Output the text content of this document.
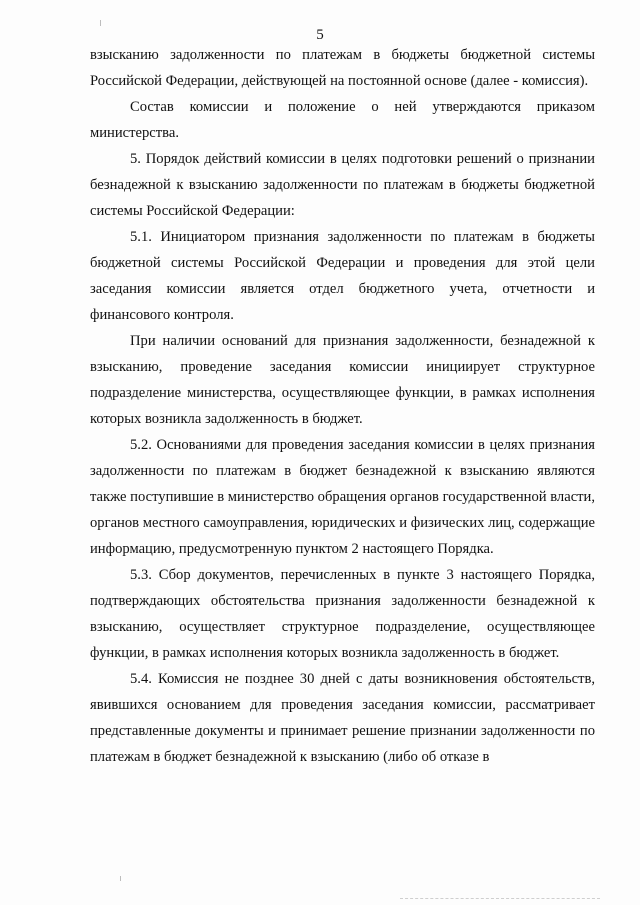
5

взысканию задолженности по платежам в бюджеты бюджетной системы Российской Федерации, действующей на постоянной основе (далее - комиссия).

Состав комиссии и положение о ней утверждаются приказом министерства.

5. Порядок действий комиссии в целях подготовки решений о признании безнадежной к взысканию задолженности по платежам в бюджеты бюджетной системы Российской Федерации:

5.1. Инициатором признания задолженности по платежам в бюджеты бюджетной системы Российской Федерации и проведения для этой цели заседания комиссии является отдел бюджетного учета, отчетности и финансового контроля.

При наличии оснований для признания задолженности, безнадежной к взысканию, проведение заседания комиссии инициирует структурное подразделение министерства, осуществляющее функции, в рамках исполнения которых возникла задолженность в бюджет.

5.2. Основаниями для проведения заседания комиссии в целях признания задолженности по платежам в бюджет безнадежной к взысканию являются также поступившие в министерство обращения органов государственной власти, органов местного самоуправления, юридических и физических лиц, содержащие информацию, предусмотренную пунктом 2 настоящего Порядка.

5.3. Сбор документов, перечисленных в пункте 3 настоящего Порядка, подтверждающих обстоятельства признания задолженности безнадежной к взысканию, осуществляет структурное подразделение, осуществляющее функции, в рамках исполнения которых возникла задолженность в бюджет.

5.4. Комиссия не позднее 30 дней с даты возникновения обстоятельств, явившихся основанием для проведения заседания комиссии, рассматривает представленные документы и принимает решение признании задолженности по платежам в бюджет безнадежной к взысканию (либо об отказе в
